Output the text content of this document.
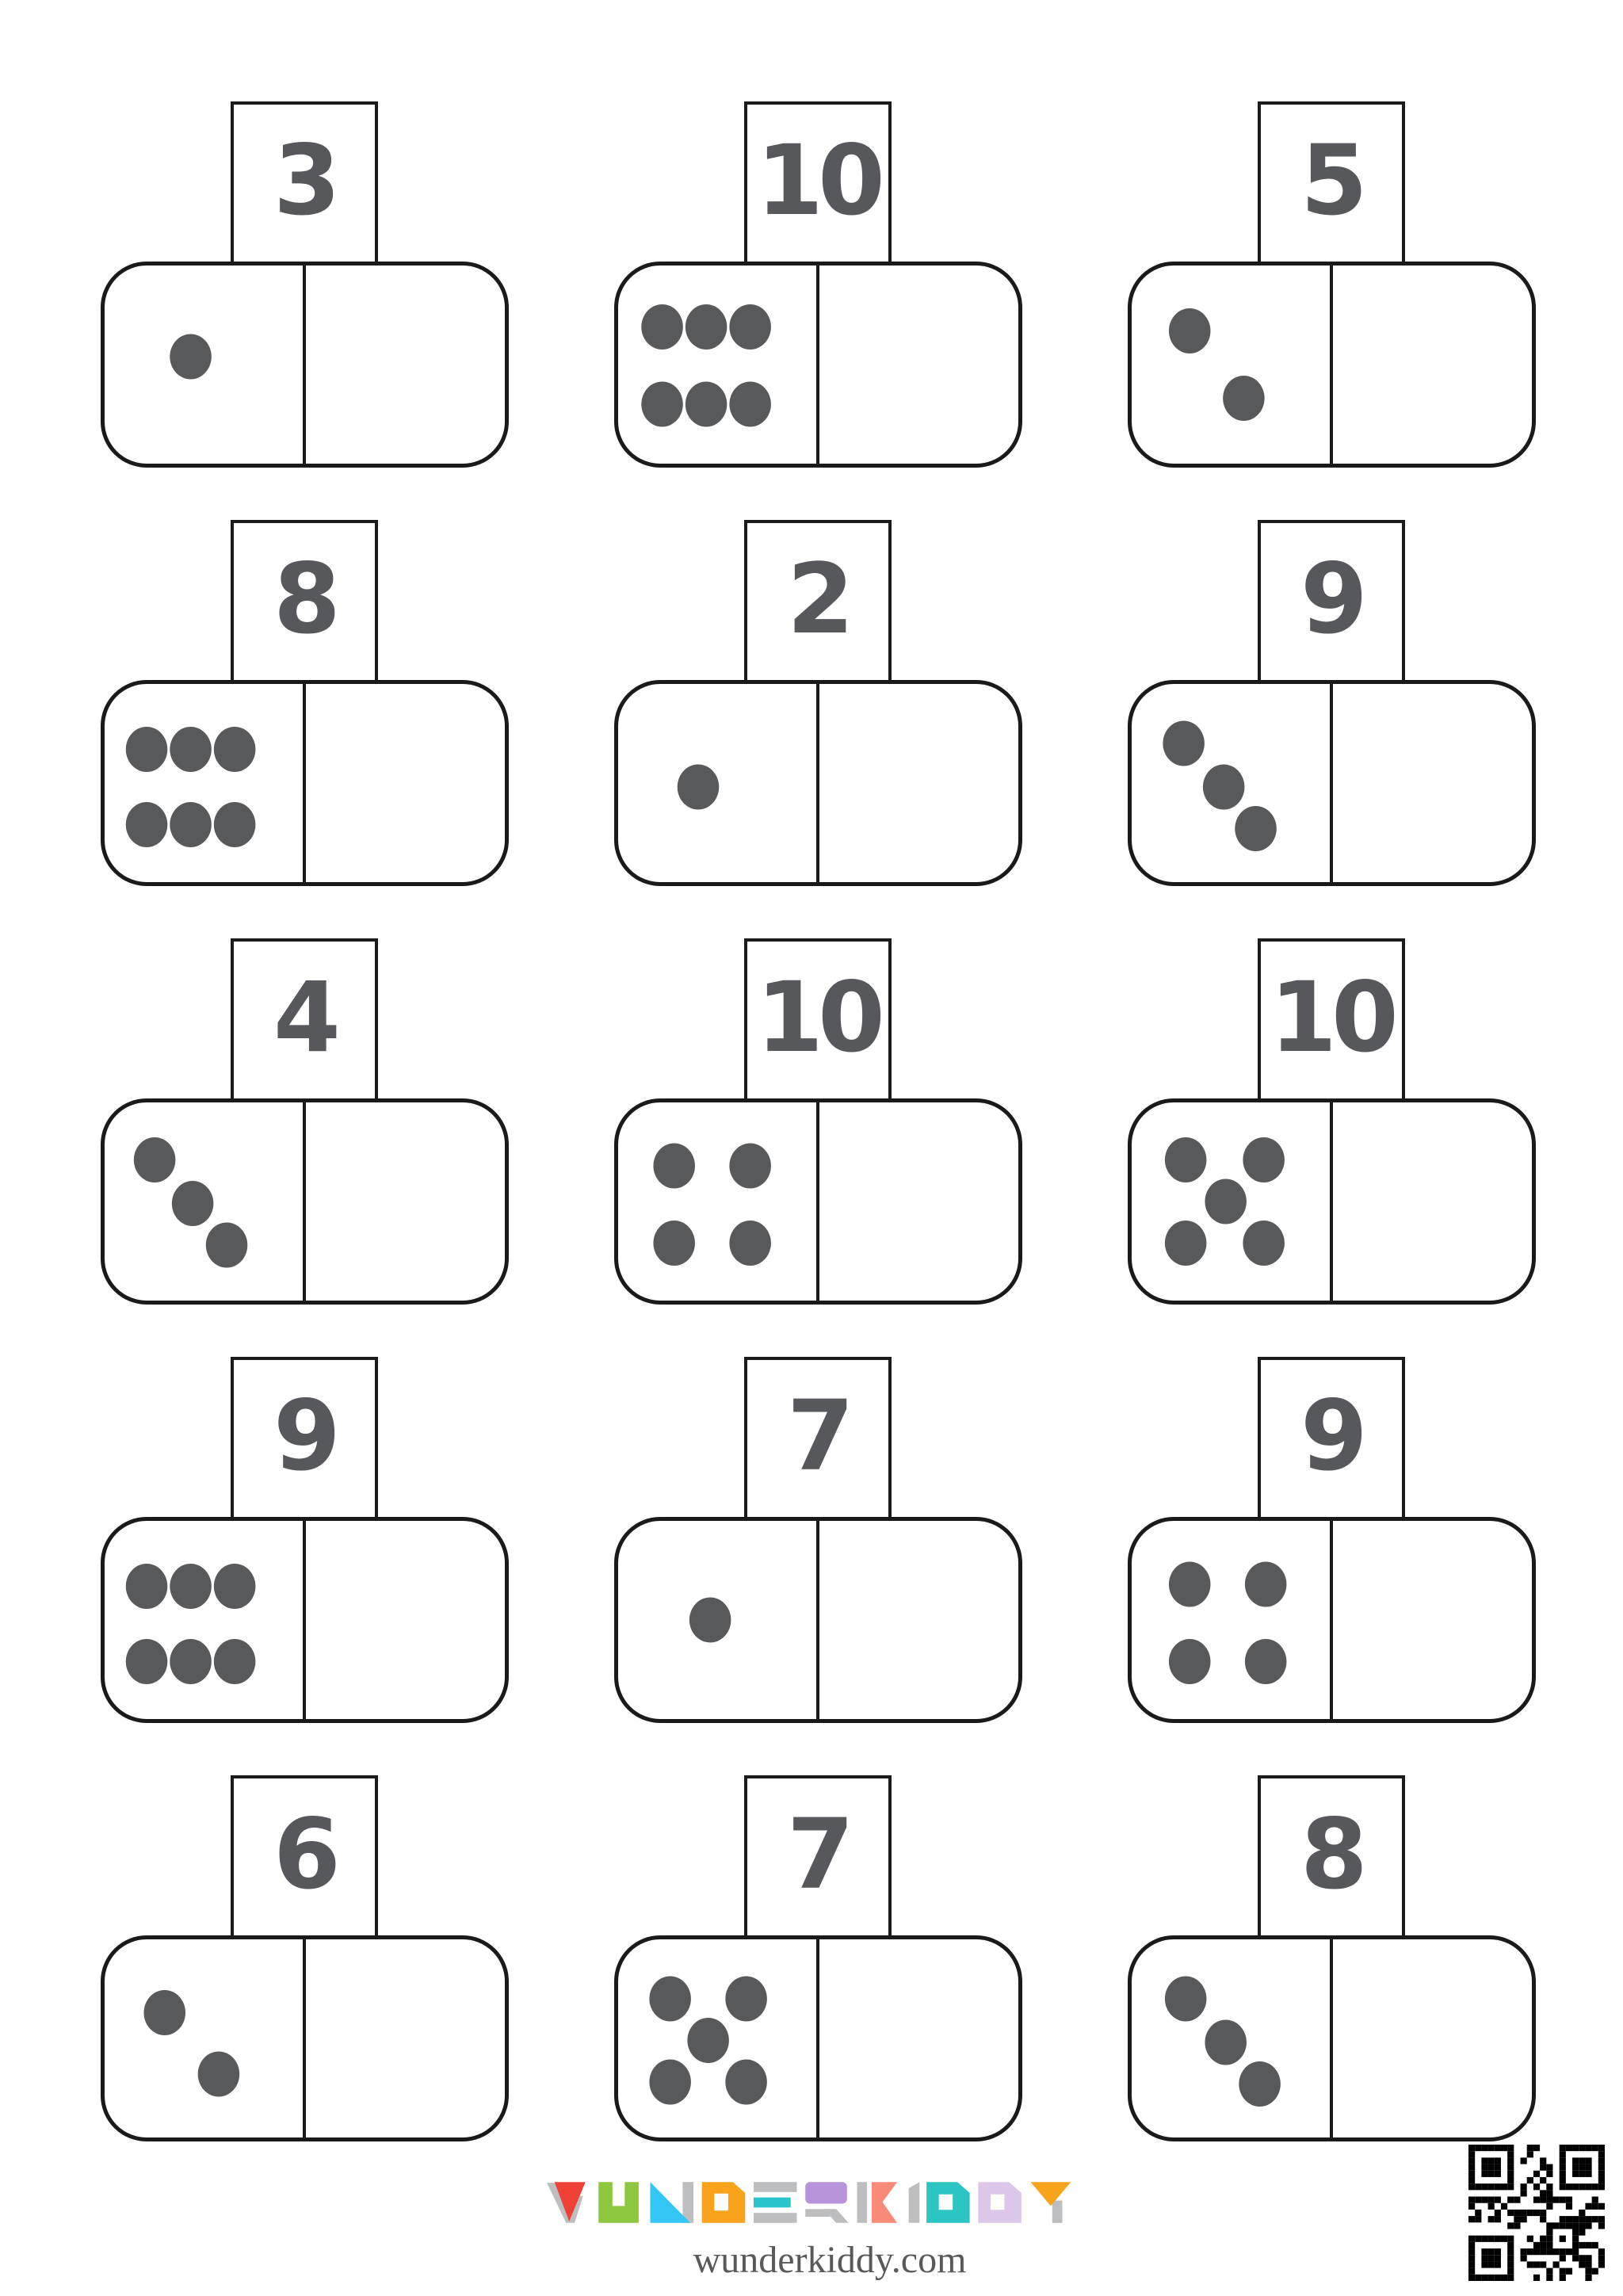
3	10	5
8	2	9
4	10	10
9	7	9
6	7	8
wunderkiddy.com
